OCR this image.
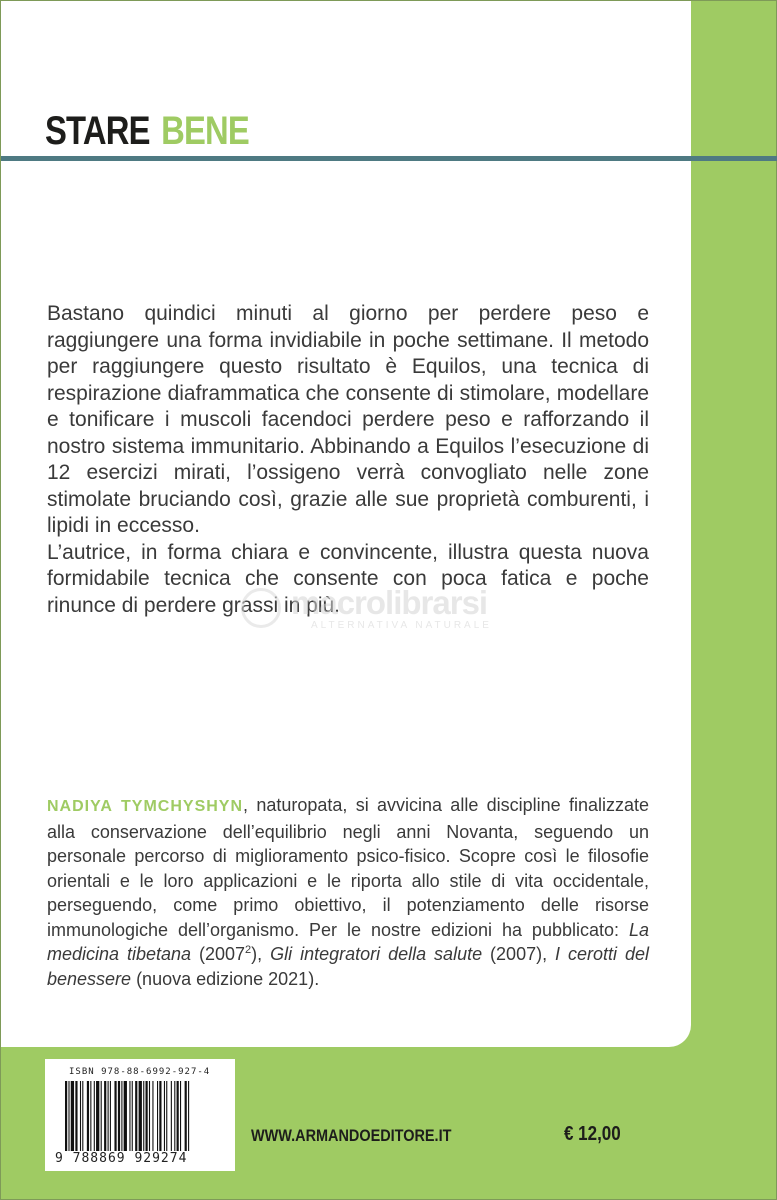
STARE BENE

Bastano quindici minuti al giorno per perdere peso e raggiungere una forma invidiabile in poche settimane. Il metodo per raggiungere questo risultato è Equilos, una tecnica di respirazione diaframmatica che consente di stimolare, modellare e tonificare i muscoli facendoci perdere peso e rafforzando il nostro sistema immunitario. Abbinando a Equilos l’esecuzione di 12 esercizi mirati, l’ossigeno verrà convogliato nelle zone stimolate bruciando così, grazie alle sue proprietà comburenti, i lipidi in eccesso.
L’autrice, in forma chiara e convincente, illustra questa nuova formidabile tecnica che consente con poca fatica e poche rinunce di perdere grassi in più.

macrolibrarsi
ALTERNATIVA NATURALE

NADIYA TYMCHYSHYN, naturopata, si avvicina alle discipline finalizzate alla conservazione dell’equilibrio negli anni Novanta, seguendo un personale percorso di miglioramento psico-fisico. Scopre così le filosofie orientali e le loro applicazioni e le riporta allo stile di vita occidentale, perseguendo, come primo obiettivo, il potenziamento delle risorse immunologiche dell’organismo. Per le nostre edizioni ha pubblicato: La medicina tibetana (2007$^2$), Gli integratori della salute (2007), I cerotti del benessere (nuova edizione 2021).

ISBN 978-88-6992-927-4
9 788869 929274
WWW.ARMANDOEDITORE.IT	€ 12,00
